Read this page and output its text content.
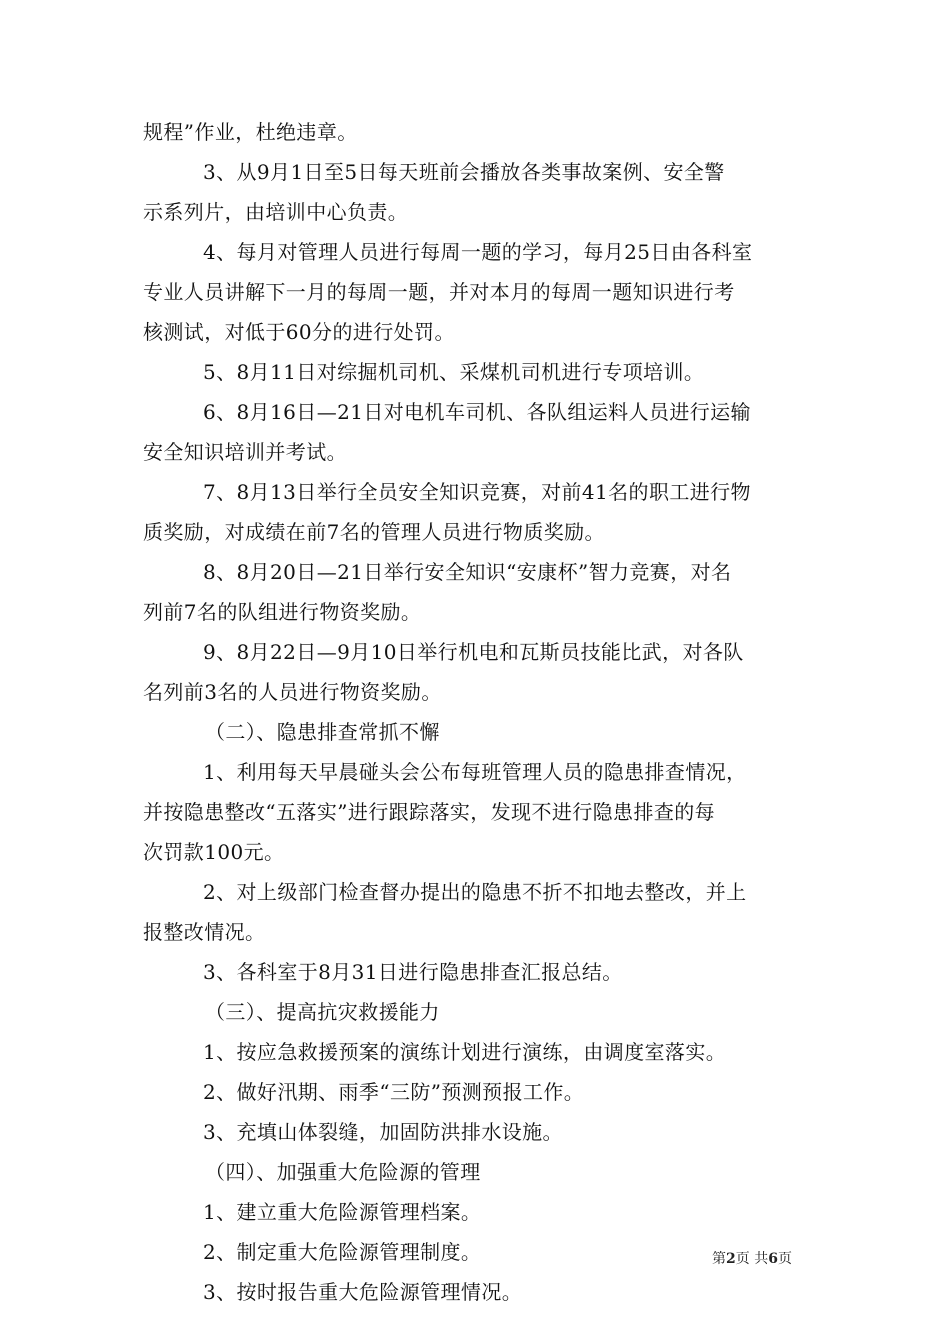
规程”作业，杜绝违章。
3、从9月1日至5日每天班前会播放各类事故案例、安全警
示系列片，由培训中心负责。
4、每月对管理人员进行每周一题的学习，每月25日由各科室
专业人员讲解下一月的每周一题，并对本月的每周一题知识进行考
核测试，对低于60分的进行处罚。
5、8月11日对综掘机司机、采煤机司机进行专项培训。
6、8月16日—21日对电机车司机、各队组运料人员进行运输
安全知识培训并考试。
7、8月13日举行全员安全知识竞赛，对前41名的职工进行物
质奖励，对成绩在前7名的管理人员进行物质奖励。
8、8月20日—21日举行安全知识“安康杯”智力竞赛，对名
列前7名的队组进行物资奖励。
9、8月22日—9月10日举行机电和瓦斯员技能比武，对各队
名列前3名的人员进行物资奖励。
（二）、隐患排查常抓不懈
1、利用每天早晨碰头会公布每班管理人员的隐患排查情况，
并按隐患整改“五落实”进行跟踪落实，发现不进行隐患排查的每
次罚款100元。
2、对上级部门检查督办提出的隐患不折不扣地去整改，并上
报整改情况。
3、各科室于8月31日进行隐患排查汇报总结。
（三）、提高抗灾救援能力
1、按应急救援预案的演练计划进行演练，由调度室落实。
2、做好汛期、雨季“三防”预测预报工作。
3、充填山体裂缝，加固防洪排水设施。
（四）、加强重大危险源的管理
1、建立重大危险源管理档案。
2、制定重大危险源管理制度。
3、按时报告重大危险源管理情况。
第2页 共6页
